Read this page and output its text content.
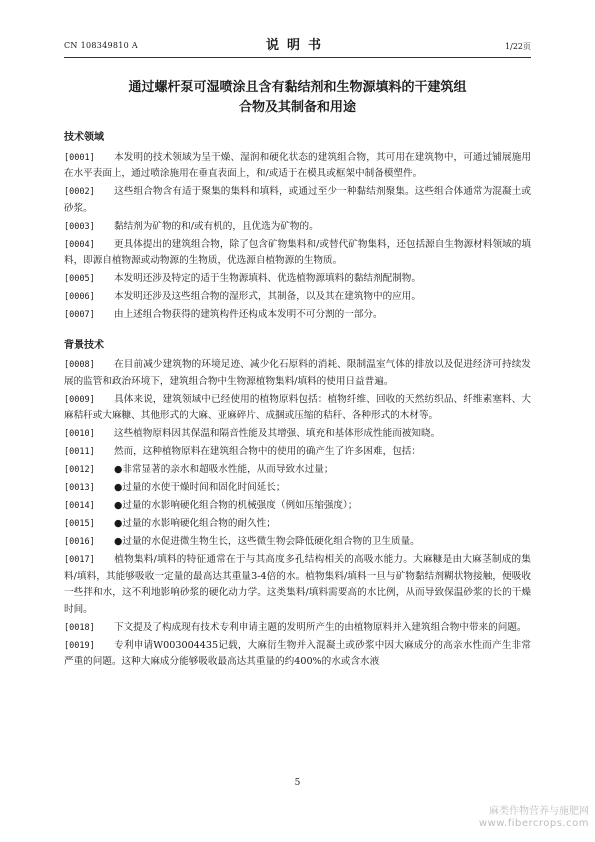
CN 108349810 A	说明书	1/22页
通过螺杆泵可湿喷涂且含有黏结剂和生物源填料的干建筑组
合物及其制备和用途
技术领域

[0001] 本发明的技术领域为呈干燥、湿润和硬化状态的建筑组合物，其可用在建筑物中，可通过铺展施用在水平表面上，通过喷涂施用在垂直表面上，和/或适于在模具或框架中制备模塑件。

[0002] 这些组合物含有适于聚集的集料和填料，或通过至少一种黏结剂聚集。这些组合体通常为混凝土或砂浆。

[0003] 黏结剂为矿物的和/或有机的，且优选为矿物的。

[0004] 更具体提出的建筑组合物，除了包含矿物集料和/或替代矿物集料，还包括源自生物源材料领域的填料，即源自植物源或动物源的生物质，优选源自植物源的生物质。

[0005] 本发明还涉及特定的适于生物源填料、优选植物源填料的黏结剂配制物。

[0006] 本发明还涉及这些组合物的湿形式，其制备，以及其在建筑物中的应用。

[0007] 由上述组合物获得的建筑构件还构成本发明不可分割的一部分。

背景技术

[0008] 在目前减少建筑物的环境足迹、减少化石原料的消耗、限制温室气体的排放以及促进经济可持续发展的监管和政治环境下，建筑组合物中生物源植物集料/填料的使用日益普遍。

[0009] 具体来说，建筑领域中已经使用的植物原料包括：植物纤维、回收的天然纺织品、纤维素塞料、大麻秸秆或大麻糠、其他形式的大麻、亚麻碎片、成捆或压缩的秸秆、各种形式的木材等。

[0010] 这些植物原料因其保温和隔音性能及其增强、填充和基体形成性能而被知晓。

[0011] 然而，这种植物原料在建筑组合物中的使用的确产生了许多困难，包括：

[0012] ●非常显著的亲水和超吸水性能，从而导致水过量；

[0013] ●过量的水使干燥时间和固化时间延长；

[0014] ●过量的水影响硬化组合物的机械强度（例如压缩强度）；

[0015] ●过量的水影响硬化组合物的耐久性；

[0016] ●过量的水促进微生物生长，这些微生物会降低硬化组合物的卫生质量。

[0017] 植物集料/填料的特征通常在于与其高度多孔结构相关的高吸水能力。大麻糠是由大麻茎制成的集料/填料，其能够吸收一定量的最高达其重量3-4倍的水。植物集料/填料一旦与矿物黏结剂糊状物接触，便吸收一些拌和水，这不利地影响砂浆的硬化动力学。这类集料/填料需要高的水比例，从而导致保温砂浆的长的干燥时间。

[0018] 下文提及了构成现有技术专利申请主题的发明所产生的由植物原料并入建筑组合物中带来的问题。

[0019] 专利申请W003004435记载，大麻衍生物并入混凝土或砂浆中因大麻成分的高亲水性而产生非常严重的问题。这种大麻成分能够吸收最高达其重量的约400%的水或含水液

5
麻类作物营养与施肥网
www.fibercrops.com
